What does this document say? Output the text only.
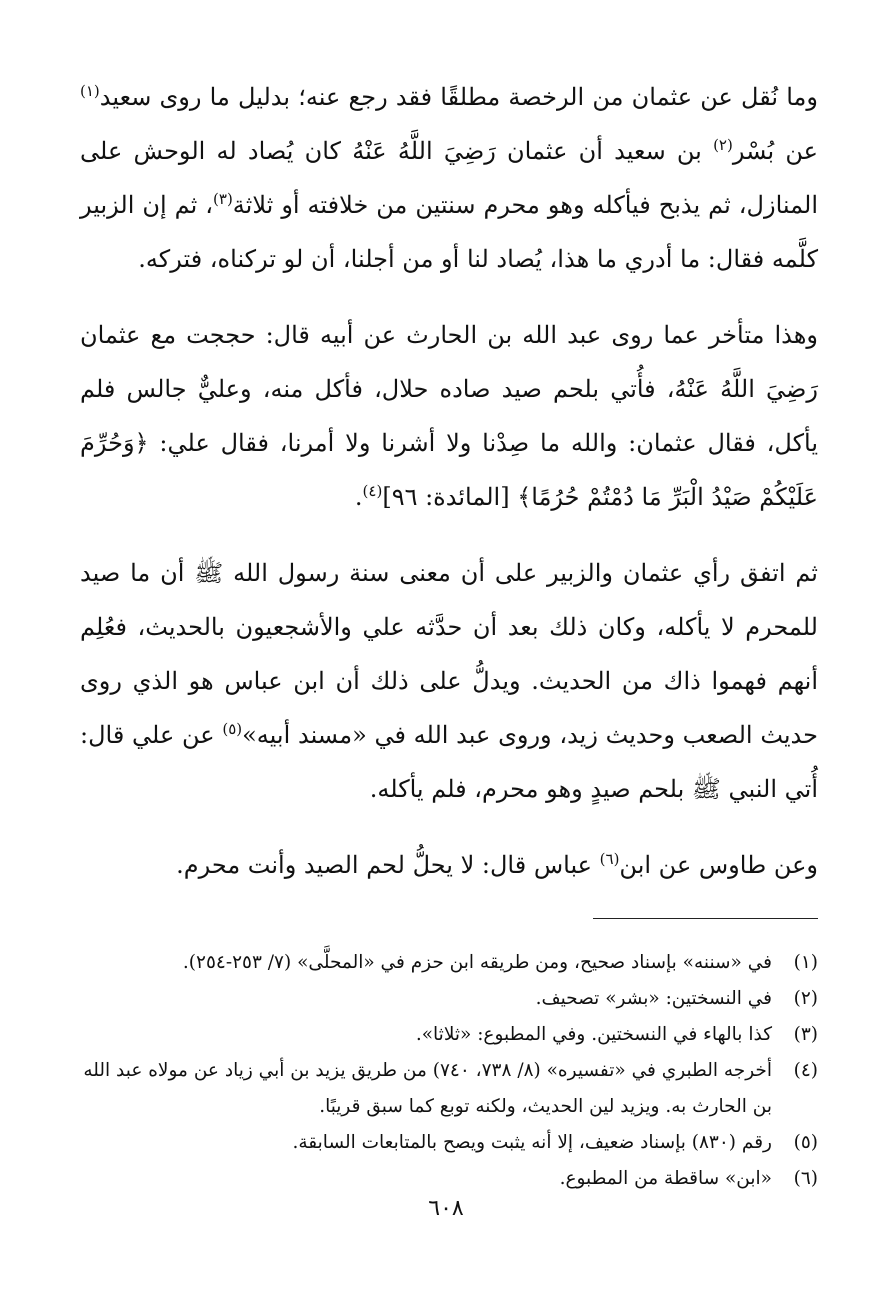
وما نُقل عن عثمان من الرخصة مطلقًا فقد رجع عنه؛ بدليل ما روى سعيد$^{(١)}$ عن بُسْر$^{(٢)}$ بن سعيد أن عثمان رَضِيَ اللَّهُ عَنْهُ كان يُصاد له الوحش على المنازل، ثم يذبح فيأكله وهو محرم سنتين من خلافته أو ثلاثة$^{(٣)}$، ثم إن الزبير كلَّمه فقال: ما أدري ما هذا، يُصاد لنا أو من أجلنا، أن لو تركناه، فتركه.

وهذا متأخر عما روى عبد الله بن الحارث عن أبيه قال: حججت مع عثمان رَضِيَ اللَّهُ عَنْهُ، فأُتي بلحم صيد صاده حلال، فأكل منه، وعليٌّ جالس فلم يأكل، فقال عثمان: والله ما صِدْنا ولا أشرنا ولا أمرنا، فقال علي: ﴿وَحُرِّمَ عَلَيْكُمْ صَيْدُ الْبَرِّ مَا دُمْتُمْ حُرُمًا﴾ [المائدة: ٩٦]$^{(٤)}$.

ثم اتفق رأي عثمان والزبير على أن معنى سنة رسول الله ﷺ أن ما صيد للمحرم لا يأكله، وكان ذلك بعد أن حدَّثه علي والأشجعيون بالحديث، فعُلِم أنهم فهموا ذاك من الحديث. ويدلُّ على ذلك أن ابن عباس هو الذي روى حديث الصعب وحديث زيد، وروى عبد الله في «مسند أبيه»$^{(٥)}$ عن علي قال: أُتي النبي ﷺ بلحم صيدٍ وهو محرم، فلم يأكله.

وعن طاوس عن ابن$^{(٦)}$ عباس قال: لا يحلُّ لحم الصيد وأنت محرم.

(١)
في «سننه» بإسناد صحيح، ومن طريقه ابن حزم في «المحلَّى» (٧/ ٢٥٣-٢٥٤).
(٢)
في النسختين: «بشر» تصحيف.
(٣)
كذا بالهاء في النسختين. وفي المطبوع: «ثلاثا».
(٤)
أخرجه الطبري في «تفسيره» (٨/ ٧٣٨، ٧٤٠) من طريق يزيد بن أبي زياد عن مولاه عبد الله بن الحارث به. ويزيد لين الحديث، ولكنه توبع كما سبق قريبًا.
(٥)
رقم (٨٣٠) بإسناد ضعيف، إلا أنه يثبت ويصح بالمتابعات السابقة.
(٦)
«ابن» ساقطة من المطبوع.
٦٠٨
